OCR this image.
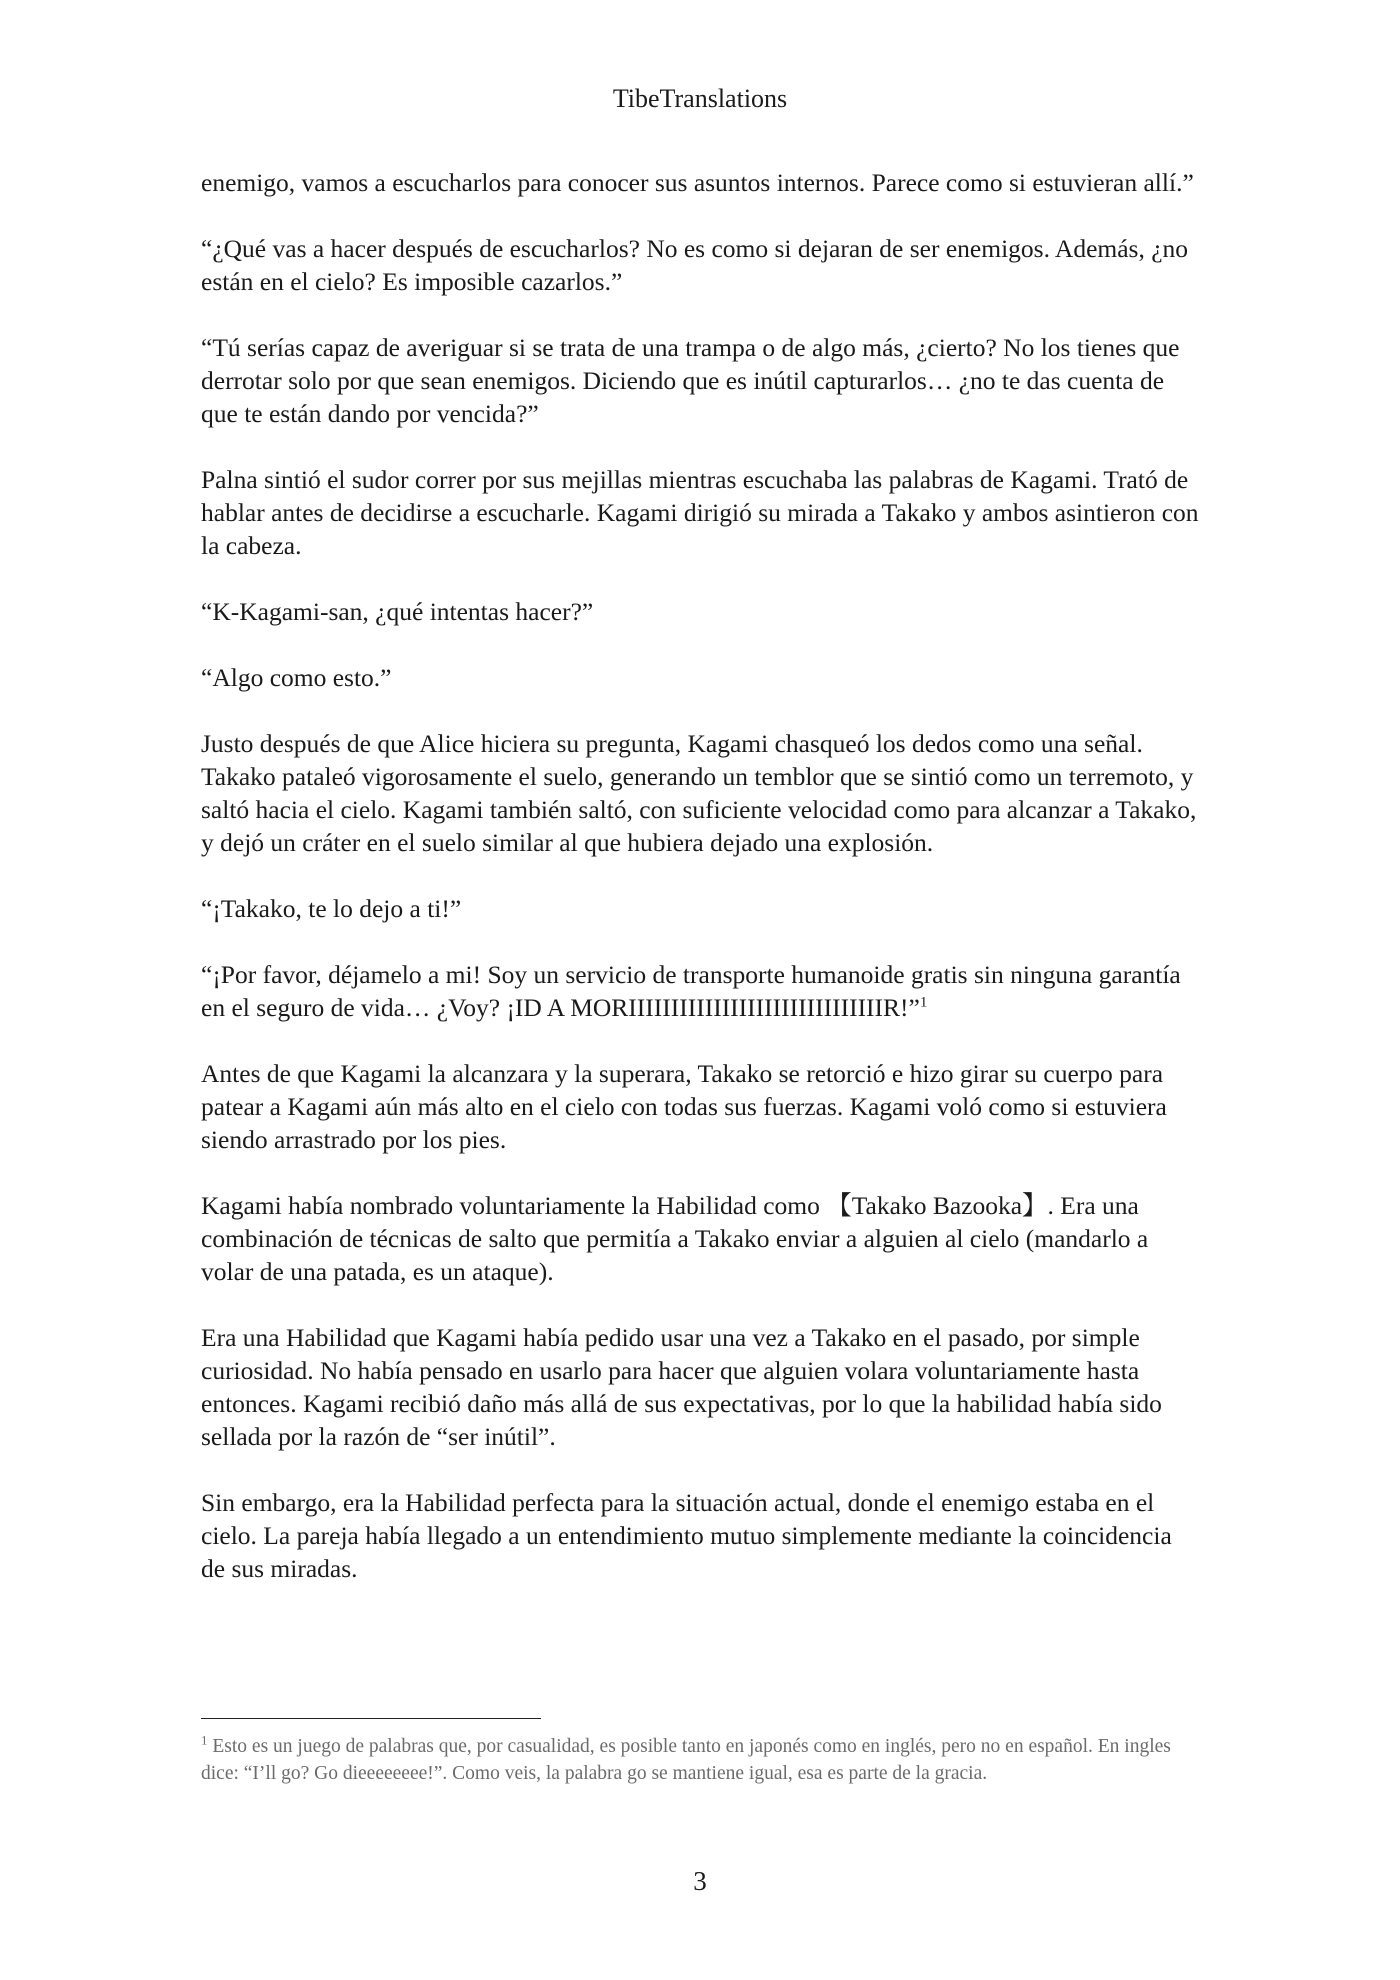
TibeTranslations

enemigo, vamos a escucharlos para conocer sus asuntos internos. Parece como si estuvieran allí.”

“¿Qué vas a hacer después de escucharlos? No es como si dejaran de ser enemigos. Además, ¿no están en el cielo? Es imposible cazarlos.”

“Tú serías capaz de averiguar si se trata de una trampa o de algo más, ¿cierto? No los tienes que derrotar solo por que sean enemigos. Diciendo que es inútil capturarlos… ¿no te das cuenta de que te están dando por vencida?”

Palna sintió el sudor correr por sus mejillas mientras escuchaba las palabras de Kagami. Trató de hablar antes de decidirse a escucharle. Kagami dirigió su mirada a Takako y ambos asintieron con la cabeza.

“K-Kagami-san, ¿qué intentas hacer?”

“Algo como esto.”

Justo después de que Alice hiciera su pregunta, Kagami chasqueó los dedos como una señal. Takako pataleó vigorosamente el suelo, generando un temblor que se sintió como un terremoto, y saltó hacia el cielo. Kagami también saltó, con suficiente velocidad como para alcanzar a Takako, y dejó un cráter en el suelo similar al que hubiera dejado una explosión.

“¡Takako, te lo dejo a ti!”

“¡Por favor, déjamelo a mi! Soy un servicio de transporte humanoide gratis sin ninguna garantía en el seguro de vida… ¿Voy? ¡ID A MORIIIIIIIIIIIIIIIIIIIIIIIIIIIIIIR!”$^1$

Antes de que Kagami la alcanzara y la superara, Takako se retorció e hizo girar su cuerpo para patear a Kagami aún más alto en el cielo con todas sus fuerzas. Kagami voló como si estuviera siendo arrastrado por los pies.

Kagami había nombrado voluntariamente la Habilidad como 【Takako Bazooka】. Era una combinación de técnicas de salto que permitía a Takako enviar a alguien al cielo (mandarlo a volar de una patada, es un ataque).

Era una Habilidad que Kagami había pedido usar una vez a Takako en el pasado, por simple curiosidad. No había pensado en usarlo para hacer que alguien volara voluntariamente hasta entonces. Kagami recibió daño más allá de sus expectativas, por lo que la habilidad había sido sellada por la razón de “ser inútil”.

Sin embargo, era la Habilidad perfecta para la situación actual, donde el enemigo estaba en el cielo. La pareja había llegado a un entendimiento mutuo simplemente mediante la coincidencia de sus miradas.

$^1$ Esto es un juego de palabras que, por casualidad, es posible tanto en japonés como en inglés, pero no en español. En ingles dice: “I’ll go? Go dieeeeeeee!”. Como veis, la palabra go se mantiene igual, esa es parte de la gracia.
3
